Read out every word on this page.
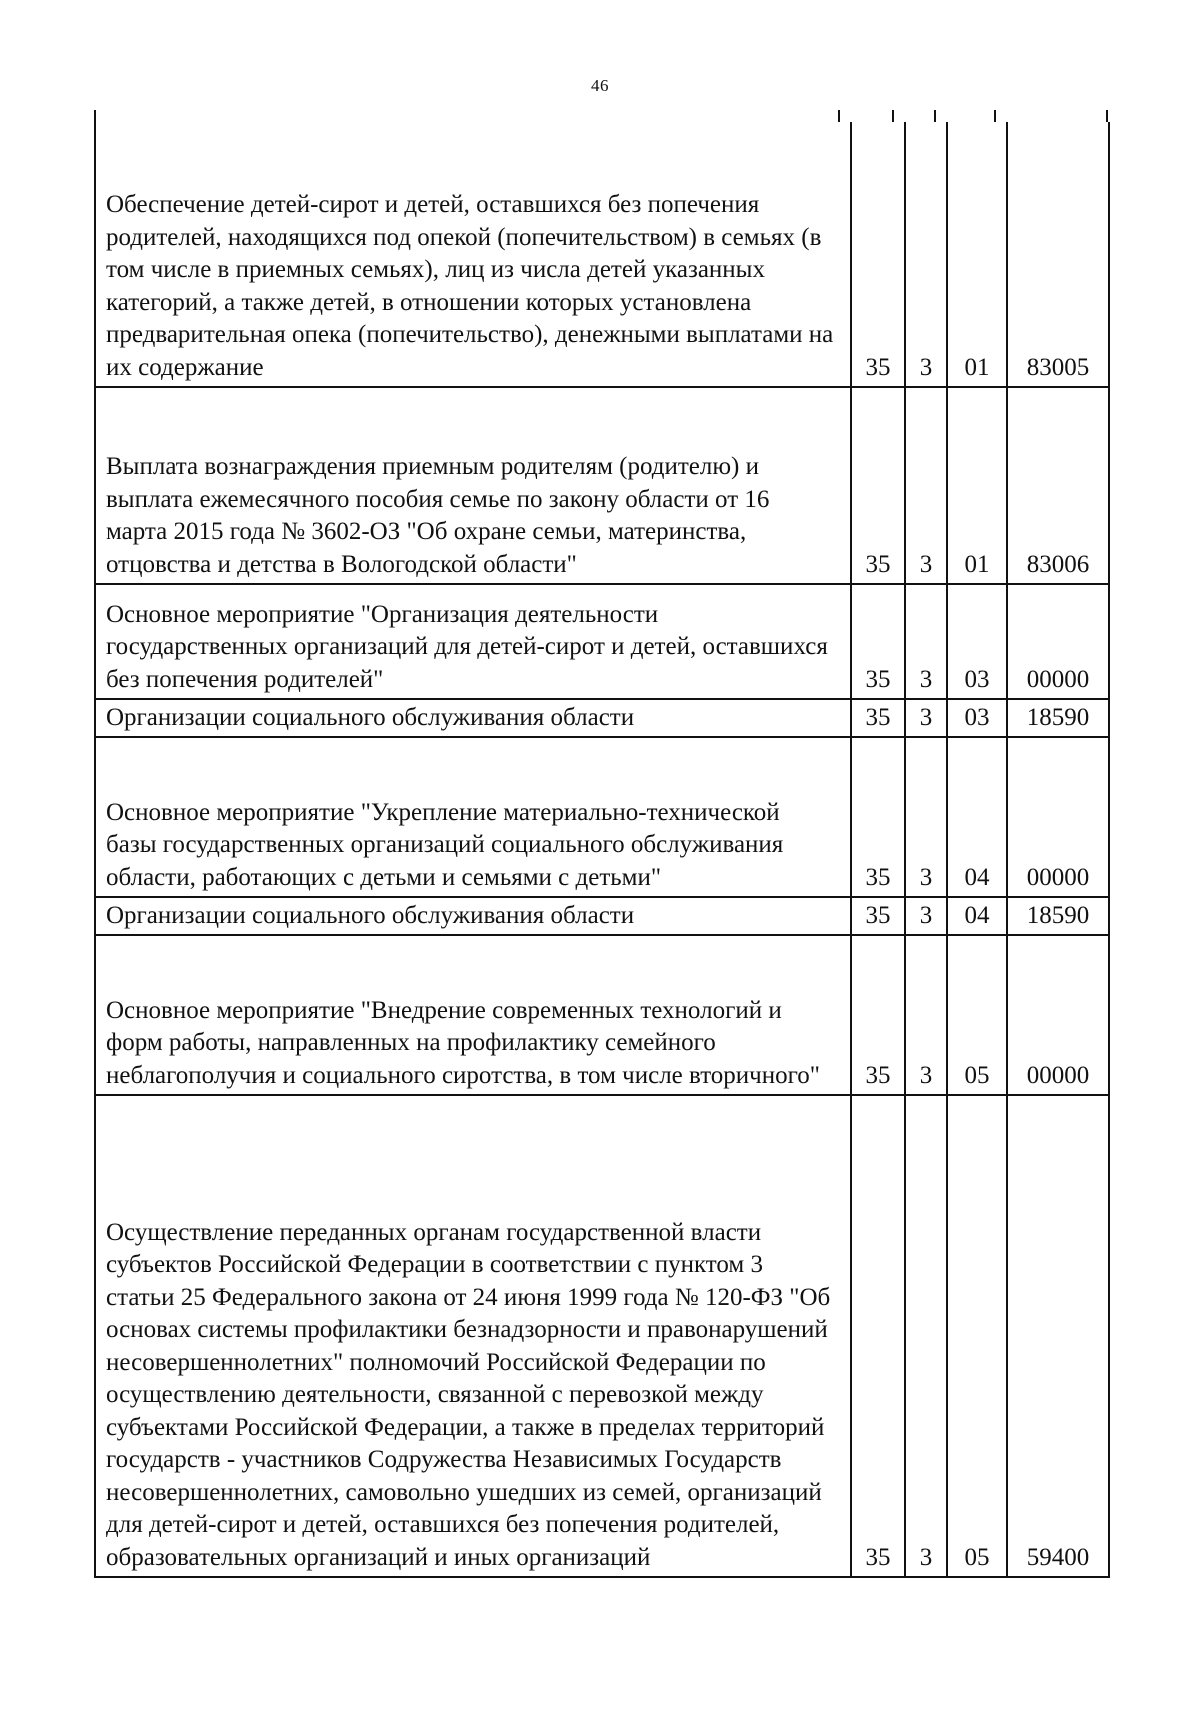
46
Обеспечение детей-сирот и детей, оставшихся без попечения родителей, находящихся под опекой (попечительством) в семьях (в том числе в приемных семьях), лиц из числа детей указанных категорий, а также детей, в отношении которых установлена предварительная опека (попечительство), денежными выплатами на их содержание	35	3	01	83005

Выплата вознаграждения приемным родителям (родителю) и выплата ежемесячного пособия семье по закону области от 16 марта 2015 года № 3602-ОЗ "Об охране семьи, материнства, отцовства и детства в Вологодской области"	35	3	01	83006

Основное мероприятие "Организация деятельности государственных организаций для детей-сирот и детей, оставшихся без попечения родителей"	35	3	03	00000

Организации социального обслуживания области	35	3	03	18590

Основное мероприятие "Укрепление материально-технической базы государственных организаций социального обслуживания области, работающих с детьми и семьями с детьми"	35	3	04	00000

Организации социального обслуживания области	35	3	04	18590

Основное мероприятие "Внедрение современных технологий и форм работы, направленных на профилактику семейного неблагополучия и социального сиротства, в том числе вторичного"	35	3	05	00000

Осуществление переданных органам государственной власти субъектов Российской Федерации в соответствии с пунктом 3 статьи 25 Федерального закона от 24 июня 1999 года № 120-ФЗ "Об основах системы профилактики безнадзорности и правонарушений несовершеннолетних" полномочий Российской Федерации по осуществлению деятельности, связанной с перевозкой между субъектами Российской Федерации, а также в пределах территорий государств - участников Содружества Независимых Государств несовершеннолетних, самовольно ушедших из семей, организаций для детей-сирот и детей, оставшихся без попечения родителей, образовательных организаций и иных организаций	35	3	05	59400
